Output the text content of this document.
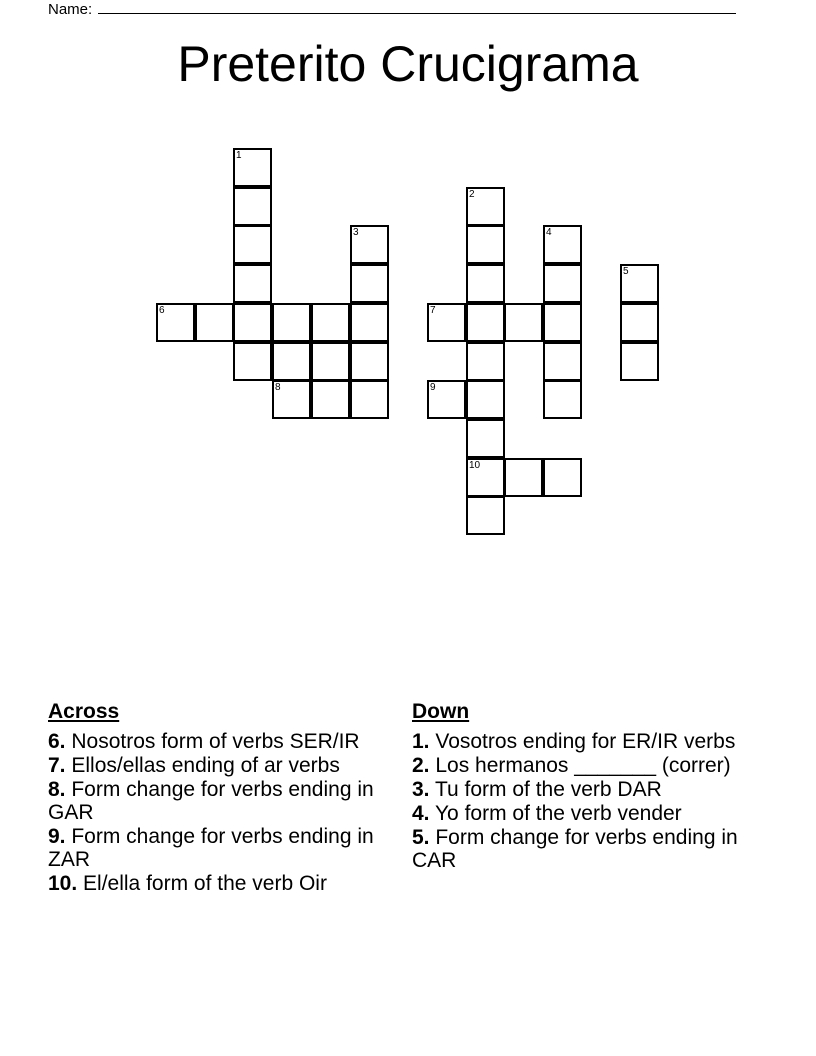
Name:
Preterito Crucigrama
1
2
3	4
5
6	7
8	9
10
Across
6. Nosotros form of verbs SER/IR
7. Ellos/ellas ending of ar verbs
8. Form change for verbs ending in GAR
9. Form change for verbs ending in ZAR
10. El/ella form of the verb Oir
Down
1. Vosotros ending for ER/IR verbs
2. Los hermanos _______ (correr)
3. Tu form of the verb DAR
4. Yo form of the verb vender
5. Form change for verbs ending in CAR
